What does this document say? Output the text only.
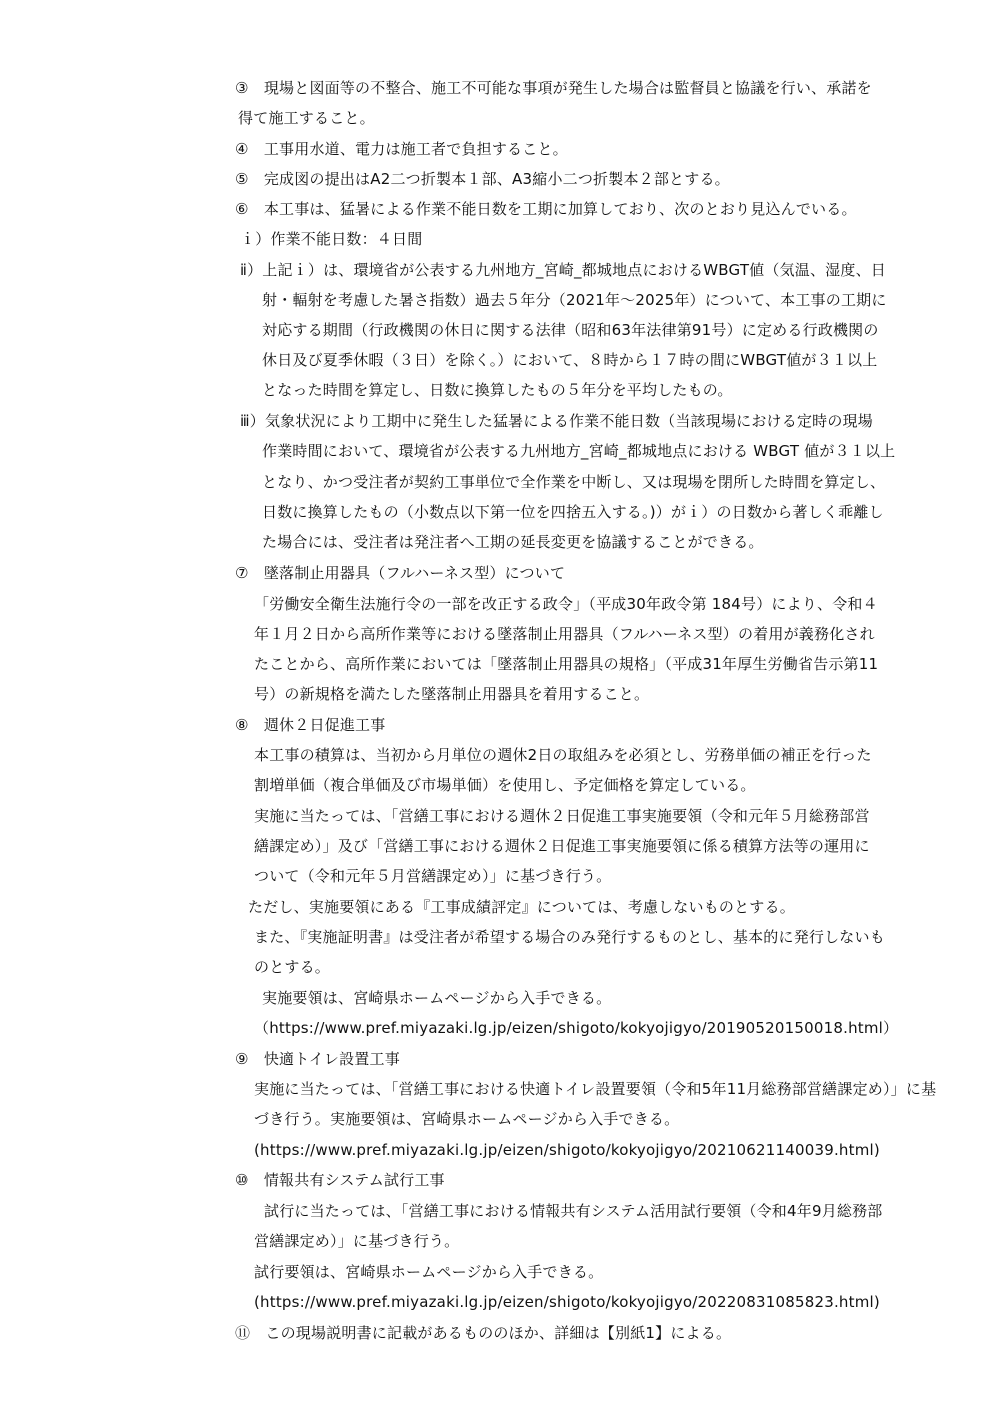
③　現場と図面等の不整合、施工不可能な事項が発生した場合は監督員と協議を行い、承諾を
得て施工すること。
④　工事用水道、電力は施工者で負担すること。
⑤　完成図の提出はA2二つ折製本１部、A3縮小二つ折製本２部とする。
⑥　本工事は、猛暑による作業不能日数を工期に加算しており、次のとおり見込んでいる。
ｉ）作業不能日数：４日間
ⅱ）上記ｉ）は、環境省が公表する九州地方_宮崎_都城地点におけるWBGT値（気温、湿度、日
射・輻射を考慮した暑さ指数）過去５年分（2021年～2025年）について、本工事の工期に
対応する期間（行政機関の休日に関する法律（昭和63年法律第91号）に定める行政機関の
休日及び夏季休暇（３日）を除く。）において、８時から１７時の間にWBGT値が３１以上
となった時間を算定し、日数に換算したもの５年分を平均したもの。
ⅲ）気象状況により工期中に発生した猛暑による作業不能日数（当該現場における定時の現場
作業時間において、環境省が公表する九州地方_宮崎_都城地点における WBGT 値が３１以上
となり、かつ受注者が契約工事単位で全作業を中断し、又は現場を閉所した時間を算定し、
日数に換算したもの（小数点以下第一位を四捨五入する。)）がｉ）の日数から著しく乖離し
た場合には、受注者は発注者へ工期の延長変更を協議することができる。
⑦　墜落制止用器具（フルハーネス型）について
「労働安全衛生法施行令の一部を改正する政令」（平成30年政令第 184号）により、令和４
年１月２日から高所作業等における墜落制止用器具（フルハーネス型）の着用が義務化され
たことから、高所作業においては「墜落制止用器具の規格」（平成31年厚生労働省告示第11
号）の新規格を満たした墜落制止用器具を着用すること。
⑧　週休２日促進工事
本工事の積算は、当初から月単位の週休2日の取組みを必須とし、労務単価の補正を行った
割増単価（複合単価及び市場単価）を使用し、予定価格を算定している。
実施に当たっては、「営繕工事における週休２日促進工事実施要領（令和元年５月総務部営
繕課定め）」及び「営繕工事における週休２日促進工事実施要領に係る積算方法等の運用に
ついて（令和元年５月営繕課定め）」に基づき行う。
ただし、実施要領にある『工事成績評定』については、考慮しないものとする。
また、『実施証明書』は受注者が希望する場合のみ発行するものとし、基本的に発行しないも
のとする。
実施要領は、宮崎県ホームページから入手できる。
（https://www.pref.miyazaki.lg.jp/eizen/shigoto/kokyojigyo/20190520150018.html）
⑨　快適トイレ設置工事
実施に当たっては、「営繕工事における快適トイレ設置要領（令和5年11月総務部営繕課定め）」に基
づき行う。実施要領は、宮崎県ホームページから入手できる。
(https://www.pref.miyazaki.lg.jp/eizen/shigoto/kokyojigyo/20210621140039.html)
⑩　情報共有システム試行工事
試行に当たっては、「営繕工事における情報共有システム活用試行要領（令和4年9月総務部
営繕課定め）」に基づき行う。
試行要領は、宮崎県ホームページから入手できる。
(https://www.pref.miyazaki.lg.jp/eizen/shigoto/kokyojigyo/20220831085823.html)
⑪　この現場説明書に記載があるもののほか、詳細は【別紙1】による。
